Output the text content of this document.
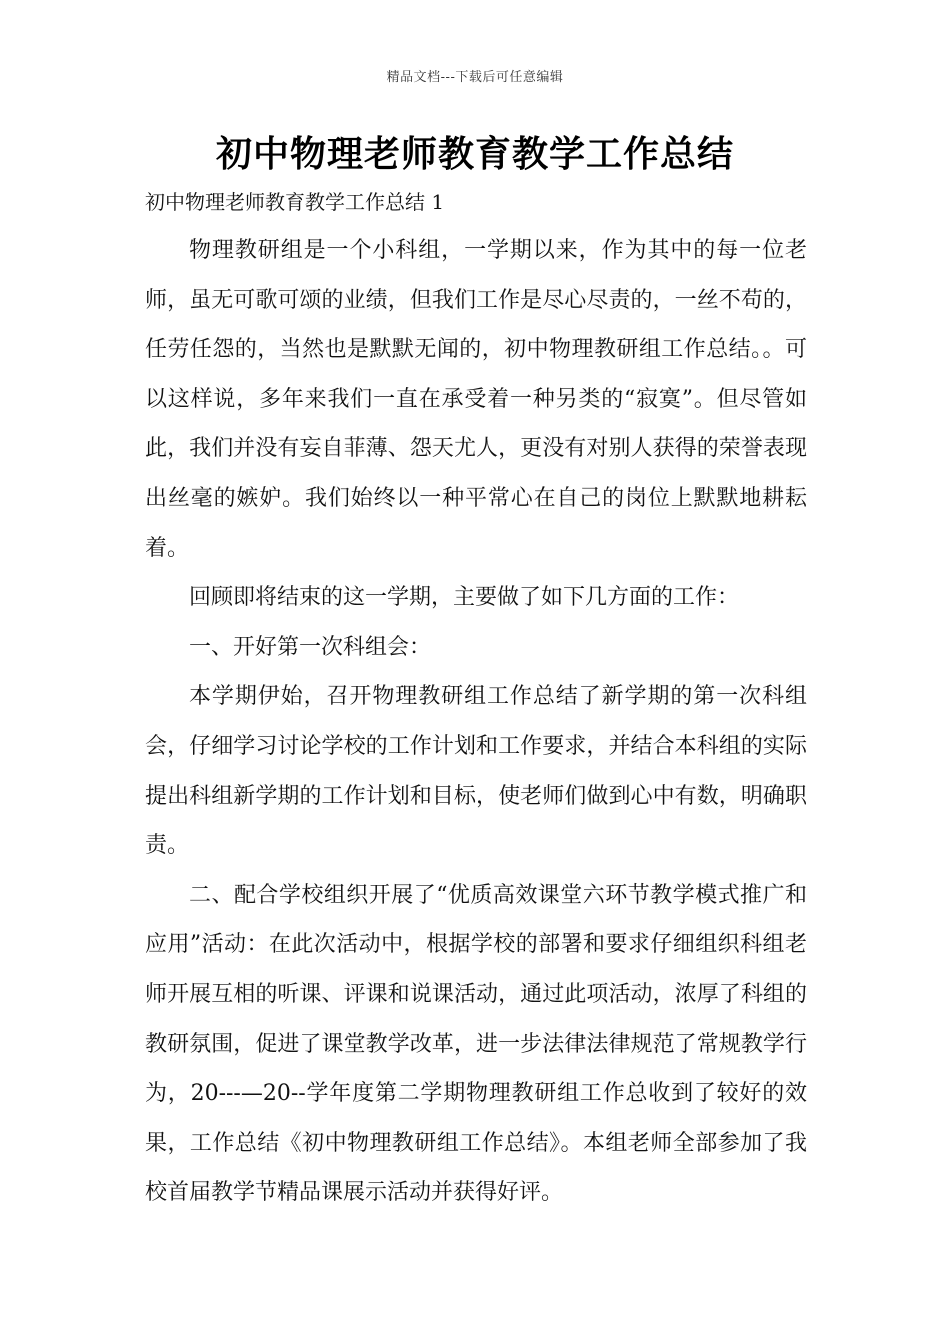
精品文档---下载后可任意编辑
初中物理老师教育教学工作总结
初中物理老师教育教学工作总结 1

物理教研组是一个小科组，一学期以来，作为其中的每一位老师，虽无可歌可颂的业绩，但我们工作是尽心尽责的，一丝不苟的，任劳任怨的，当然也是默默无闻的，初中物理教研组工作总结。。可以这样说，多年来我们一直在承受着一种另类的“寂寞”。但尽管如此，我们并没有妄自菲薄、怨天尤人，更没有对别人获得的荣誉表现出丝毫的嫉妒。我们始终以一种平常心在自己的岗位上默默地耕耘着。

回顾即将结束的这一学期，主要做了如下几方面的工作：

一、开好第一次科组会：

本学期伊始，召开物理教研组工作总结了新学期的第一次科组会，仔细学习讨论学校的工作计划和工作要求，并结合本科组的实际提出科组新学期的工作计划和目标，使老师们做到心中有数，明确职责。

二、配合学校组织开展了“优质高效课堂六环节教学模式推广和应用”活动：在此次活动中，根据学校的部署和要求仔细组织科组老师开展互相的听课、评课和说课活动，通过此项活动，浓厚了科组的教研氛围，促进了课堂教学改革，进一步法律法律规范了常规教学行为，20---—20--学年度第二学期物理教研组工作总收到了较好的效果，工作总结《初中物理教研组工作总结》。本组老师全部参加了我校首届教学节精品课展示活动并获得好评。
